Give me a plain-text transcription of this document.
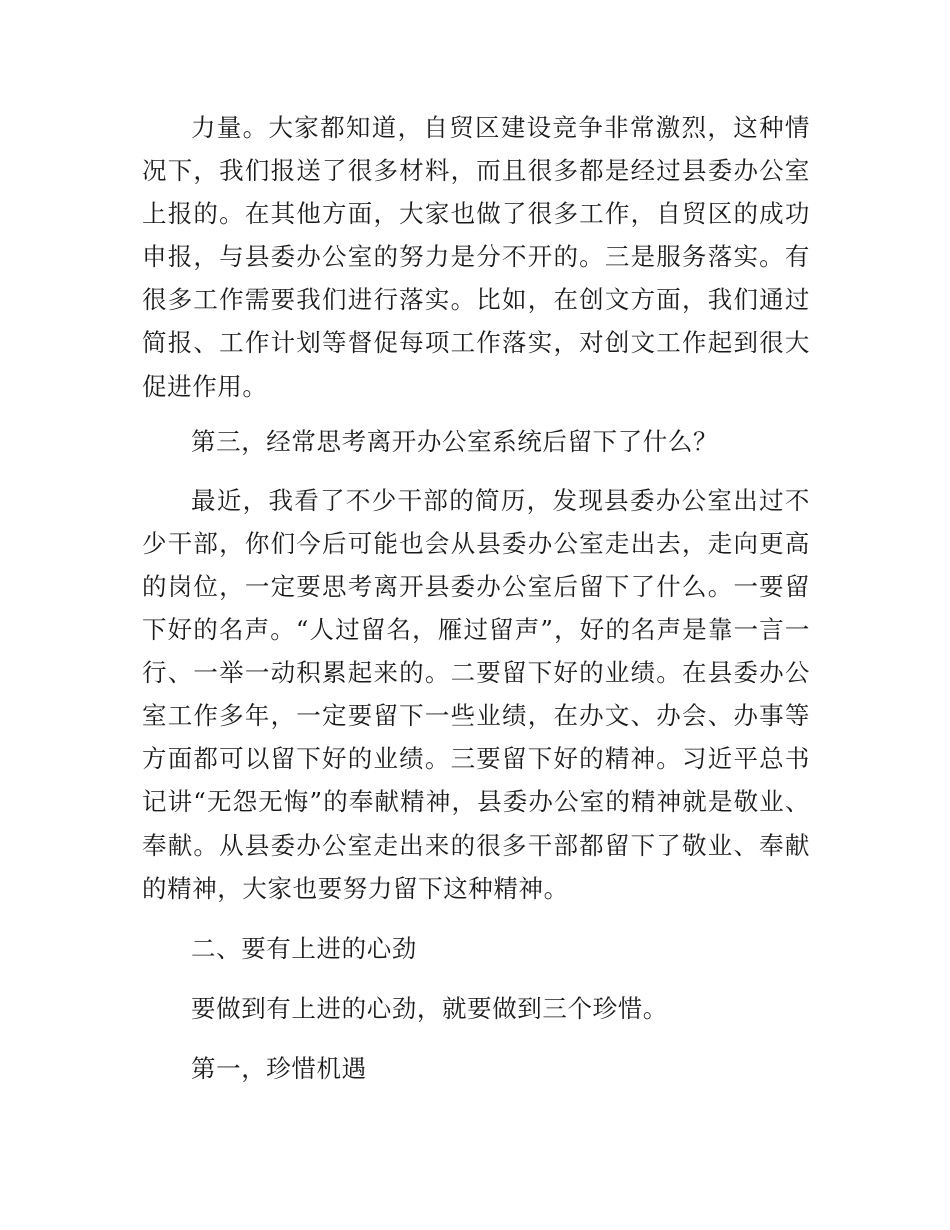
力量。大家都知道，自贸区建设竞争非常激烈，这种情况下，我们报送了很多材料，而且很多都是经过县委办公室上报的。在其他方面，大家也做了很多工作，自贸区的成功申报，与县委办公室的努力是分不开的。三是服务落实。有很多工作需要我们进行落实。比如，在创文方面，我们通过简报、工作计划等督促每项工作落实，对创文工作起到很大促进作用。

第三，经常思考离开办公室系统后留下了什么？

最近，我看了不少干部的简历，发现县委办公室出过不少干部，你们今后可能也会从县委办公室走出去，走向更高的岗位，一定要思考离开县委办公室后留下了什么。一要留下好的名声。“人过留名，雁过留声”，好的名声是靠一言一行、一举一动积累起来的。二要留下好的业绩。在县委办公室工作多年，一定要留下一些业绩，在办文、办会、办事等方面都可以留下好的业绩。三要留下好的精神。习近平总书记讲“无怨无悔”的奉献精神，县委办公室的精神就是敬业、奉献。从县委办公室走出来的很多干部都留下了敬业、奉献的精神，大家也要努力留下这种精神。

二、要有上进的心劲

要做到有上进的心劲，就要做到三个珍惜。

第一，珍惜机遇
